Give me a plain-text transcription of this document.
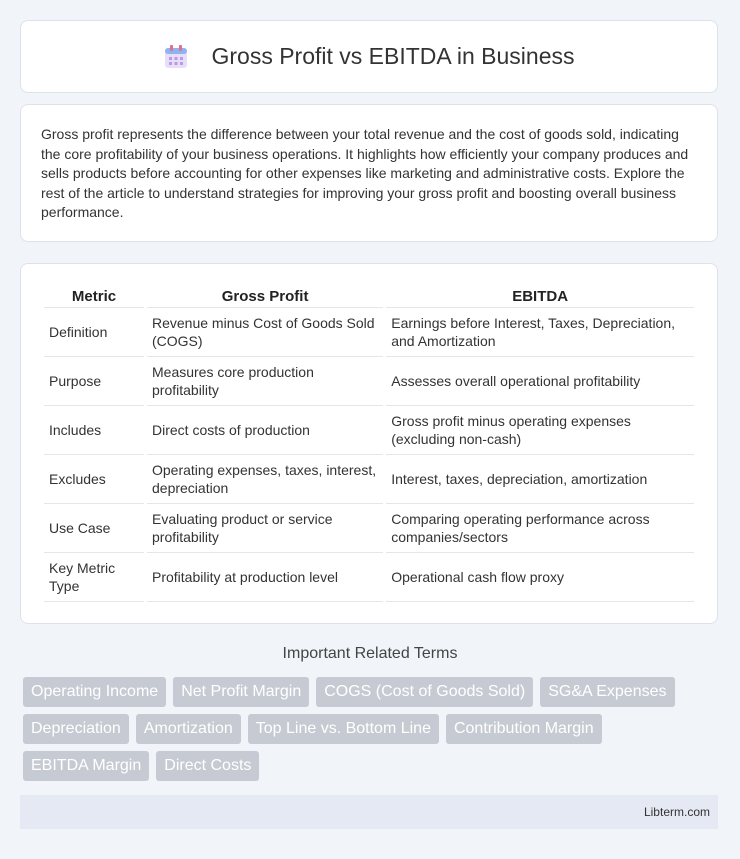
Gross Profit vs EBITDA in Business

Gross profit represents the difference between your total revenue and the cost of goods sold, indicating the core profitability of your business operations. It highlights how efficiently your company produces and sells products before accounting for other expenses like marketing and administrative costs. Explore the rest of the article to understand strategies for improving your gross profit and boosting overall business performance.

Metric	Gross Profit	EBITDA
Definition	Revenue minus Cost of Goods Sold (COGS)	Earnings before Interest, Taxes, Depreciation, and Amortization
Purpose	Measures core production profitability	Assesses overall operational profitability
Includes	Direct costs of production	Gross profit minus operating expenses (excluding non-cash)
Excludes	Operating expenses, taxes, interest, depreciation	Interest, taxes, depreciation, amortization
Use Case	Evaluating product or service profitability	Comparing operating performance across companies/sectors
Key Metric Type	Profitability at production level	Operational cash flow proxy
Important Related Terms
Operating Income	Net Profit Margin	COGS (Cost of Goods Sold)	SG&A Expenses
Depreciation	Amortization	Top Line vs. Bottom Line	Contribution Margin
EBITDA Margin	Direct Costs
Libterm.com
